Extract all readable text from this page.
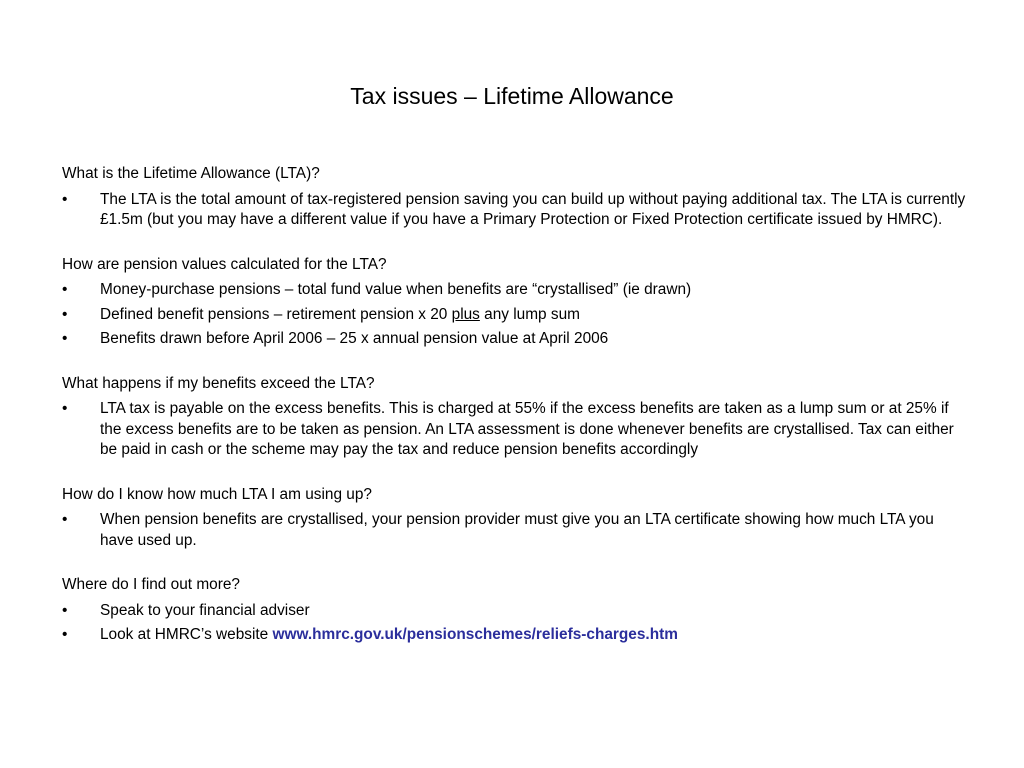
Tax issues – Lifetime Allowance
What is the Lifetime Allowance (LTA)?
• The LTA is the total amount of tax-registered pension saving you can build up without paying additional tax. The LTA is currently £1.5m (but you may have a different value if you have a Primary Protection or Fixed Protection certificate issued by HMRC).
How are pension values calculated for the LTA?
• Money-purchase pensions – total fund value when benefits are “crystallised” (ie drawn)
• Defined benefit pensions – retirement pension x 20 plus any lump sum
• Benefits drawn before April 2006 – 25 x annual pension value at April 2006
What happens if my benefits exceed the LTA?
• LTA tax is payable on the excess benefits. This is charged at 55% if the excess benefits are taken as a lump sum or at 25% if the excess benefits are to be taken as pension. An LTA assessment is done whenever benefits are crystallised. Tax can either be paid in cash or the scheme may pay the tax and reduce pension benefits accordingly
How do I know how much LTA I am using up?
• When pension benefits are crystallised, your pension provider must give you an LTA certificate showing how much LTA you have used up.
Where do I find out more?
• Speak to your financial adviser
• Look at HMRC’s website www.hmrc.gov.uk/pensionschemes/reliefs-charges.htm
